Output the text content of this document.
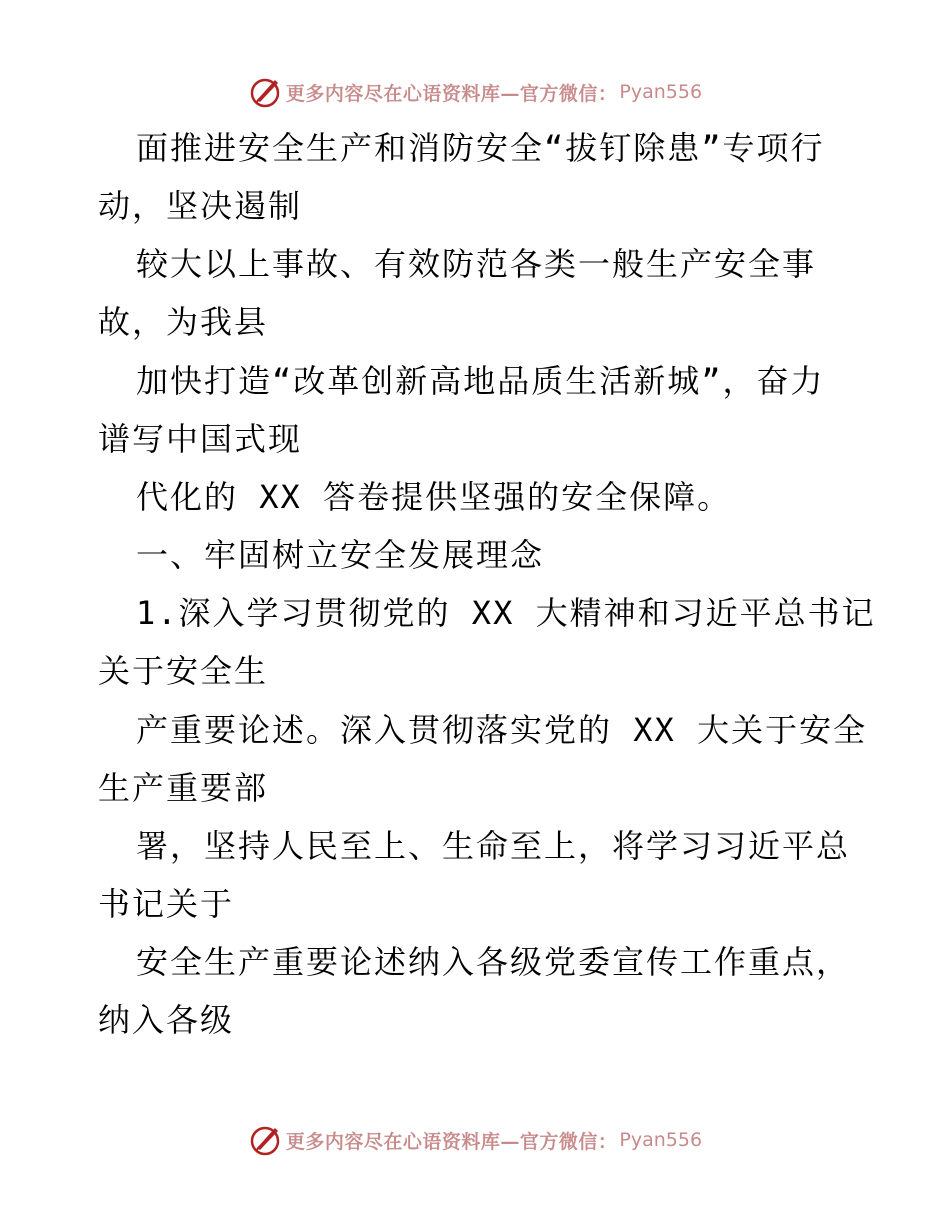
更多内容尽在心语资料库—官方微信： Pyan556
面推进安全生产和消防安全“拔钉除患”专项行
动，坚决遏制
较大以上事故、有效防范各类一般生产安全事
故，为我县
加快打造“改革创新高地品质生活新城”，奋力
谱写中国式现
代化的 XX 答卷提供坚强的安全保障。
一、牢固树立安全发展理念
1.深入学习贯彻党的 XX 大精神和习近平总书记
关于安全生
产重要论述。深入贯彻落实党的 XX 大关于安全
生产重要部
署，坚持人民至上、生命至上，将学习习近平总
书记关于
安全生产重要论述纳入各级党委宣传工作重点，
纳入各级
更多内容尽在心语资料库—官方微信： Pyan556
